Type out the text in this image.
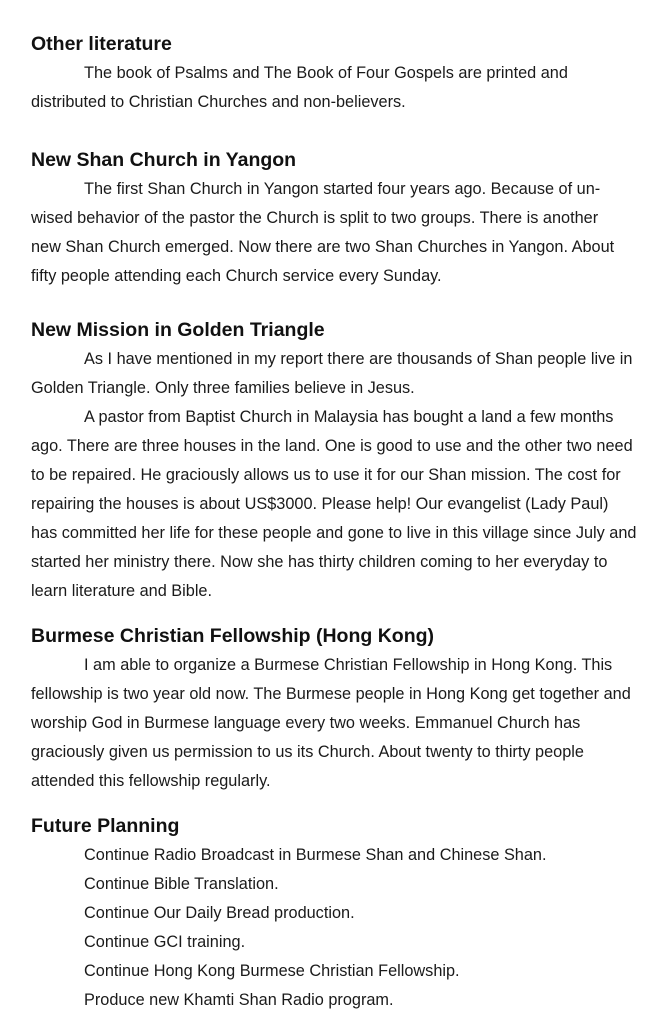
Other literature

The book of Psalms and The Book of Four Gospels are printed and distributed to Christian Churches and non-believers.

New Shan Church in Yangon

The first Shan Church in Yangon started four years ago. Because of un-wised behavior of the pastor the Church is split to two groups. There is another new Shan Church emerged. Now there are two Shan Churches in Yangon. About fifty people attending each Church service every Sunday.

New Mission in Golden Triangle

As I have mentioned in my report there are thousands of Shan people live in Golden Triangle. Only three families believe in Jesus.

A pastor from Baptist Church in Malaysia has bought a land a few months ago. There are three houses in the land. One is good to use and the other two need to be repaired. He graciously allows us to use it for our Shan mission. The cost for repairing the houses is about US$3000. Please help! Our evangelist (Lady Paul) has committed her life for these people and gone to live in this village since July and started her ministry there. Now she has thirty children coming to her everyday to learn literature and Bible.

Burmese Christian Fellowship (Hong Kong)

I am able to organize a Burmese Christian Fellowship in Hong Kong. This fellowship is two year old now. The Burmese people in Hong Kong get together and worship God in Burmese language every two weeks. Emmanuel Church has graciously given us permission to us its Church. About twenty to thirty people attended this fellowship regularly.

Future Planning

Continue Radio Broadcast in Burmese Shan and Chinese Shan.

Continue Bible Translation.

Continue Our Daily Bread production.

Continue GCI training.

Continue Hong Kong Burmese Christian Fellowship.

Produce new Khamti Shan Radio program.
